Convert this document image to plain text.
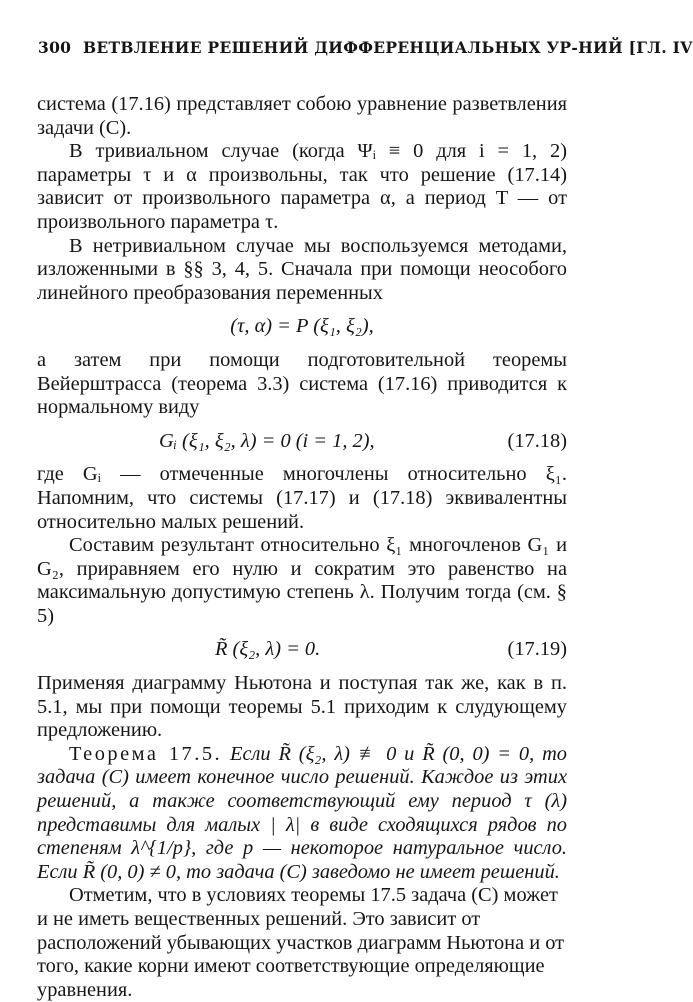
300 ВЕТВЛЕНИЕ РЕШЕНИЙ ДИФФЕРЕНЦИАЛЬНЫХ УР-НИЙ [ГЛ. IV

система (17.16) представляет собою уравнение разветвления задачи (C).

В тривиальном случае (когда Ψᵢ ≡ 0 для i = 1, 2) параметры τ и α произвольны, так что решение (17.14) зависит от произвольного параметра α, а период T — от произвольного параметра τ.

В нетривиальном случае мы воспользуемся методами, изложенными в §§ 3, 4, 5. Сначала при помощи неособого линейного преобразования переменных

(τ, α) = P (ξ₁, ξ₂),

а затем при помощи подготовительной теоремы Вейерштрасса (теорема 3.3) система (17.16) приводится к нормальному виду

Gᵢ (ξ₁, ξ₂, λ) = 0 (i = 1, 2),	(17.18)

где Gᵢ — отмеченные многочлены относительно ξ₁. Напомним, что системы (17.17) и (17.18) эквивалентны относительно малых решений.

Составим результант относительно ξ₁ многочленов G₁ и G₂, приравняем его нулю и сократим это равенство на максимальную допустимую степень λ. Получим тогда (см. § 5)

R̃ (ξ₂, λ) = 0.	(17.19)

Применяя диаграмму Ньютона и поступая так же, как в п. 5.1, мы при помощи теоремы 5.1 приходим к слудующему предложению.

Теорема 17.5. Если R̃ (ξ₂, λ) ≢ 0 и R̃ (0, 0) = 0, то задача (C) имеет конечное число решений. Каждое из этих решений, а также соответствующий ему период τ (λ) представимы для малых | λ| в виде сходящихся рядов по степеням λ^{1/p}, где p — некоторое натуральное число. Если R̃ (0, 0) ≠ 0, то задача (C) заведомо не имеет решений.

Отметим, что в условиях теоремы 17.5 задача (C) может и не иметь вещественных решений. Это зависит от расположений убывающих участков диаграмм Ньютона и от того, какие корни имеют соответствующие определяющие уравнения.
